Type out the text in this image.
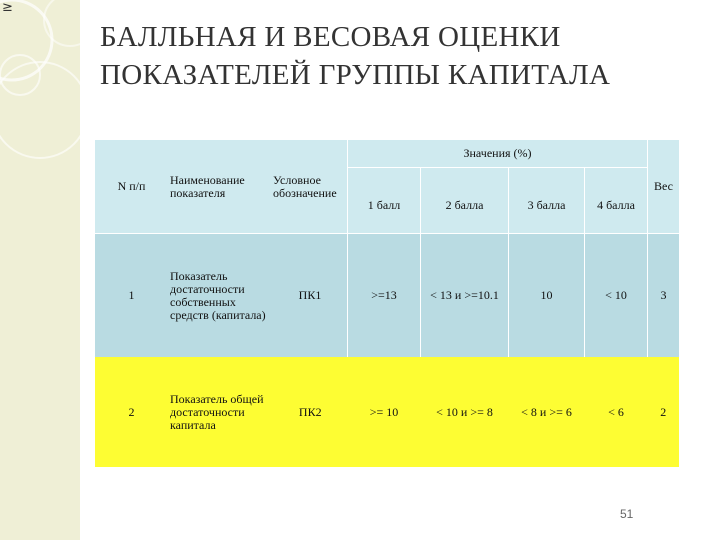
≥
БАЛЛЬНАЯ И ВЕСОВАЯ ОЦЕНКИ
ПОКАЗАТЕЛЕЙ ГРУППЫ КАПИТАЛА
N п/п	Наименование показателя	Условное обозначение	Значения (%)				Вес
			1 балл	2 балла	3 балла	4 балла	
1	Показатель достаточности собственных средств (капитала)	ПК1	>=13	< 13 и >=10.1	10	< 10	3
2	Показатель общей достаточности капитала	ПК2	>= 10	< 10 и >= 8	< 8 и >= 6	< 6	2
51
